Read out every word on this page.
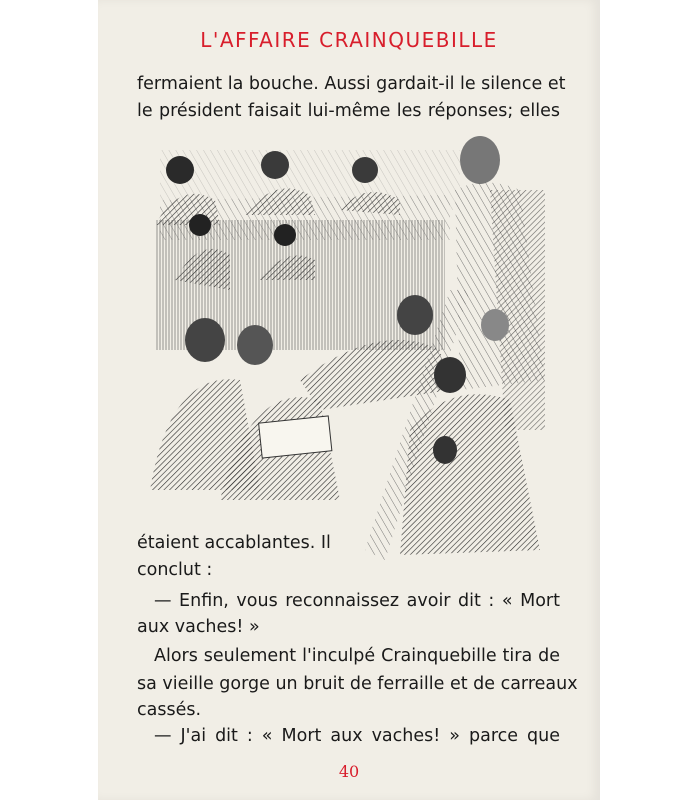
L'AFFAIRE CRAINQUEBILLE
fermaient la bouche. Aussi gardait-il le silence et
le président faisait lui-même les réponses; elles
étaient accablantes. Il
conclut :
— Enfin, vous reconnaissez avoir dit : « Mort
aux vaches! »
Alors seulement l'inculpé Crainquebille tira de
sa vieille gorge un bruit de ferraille et de carreaux
cassés.
— J'ai dit : « Mort aux vaches! » parce que
40
